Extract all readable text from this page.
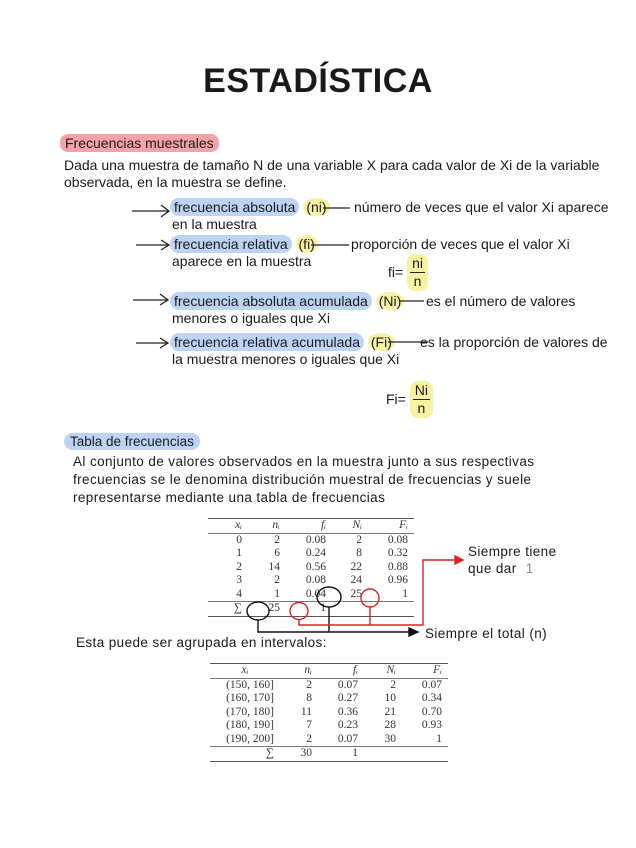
ESTADÍSTICA
Frecuencias muestrales
Dada una muestra de tamaño N de una variable X para cada valor de Xi de la variable
observada, en la muestra se define.
frecuencia absoluta (ni) número de veces que el valor Xi aparece
en la muestra
frecuencia relativa (fi)	proporción de veces que el valor Xi
aparece en la muestra
$fi= \frac{ni}{n}$
frecuencia absoluta acumulada (Ni) es el número de valores
menores o iguales que Xi
frecuencia relativa acumulada (Fi) es la proporción de valores de
la muestra menores o iguales que Xi
$Fi= \frac{Ni}{n}$
Tabla de frecuencias
Al conjunto de valores observados en la muestra junto a sus respectivas
frecuencias se le denomina distribución muestral de frecuencias y suele
representarse mediante una tabla de frecuencias
xᵢ	nᵢ	fᵢ	Nᵢ	Fᵢ
0	2	0.08	2	0.08
1	6	0.24	8	0.32
2	14	0.56	22	0.88
3	2	0.08	24	0.96
4	1	0.04	25	1
∑	25	1		
Siempre tiene
que dar 1
Siempre el total (n)
Esta puede ser agrupada en intervalos:
xᵢ	nᵢ	fᵢ	Nᵢ	Fᵢ
(150, 160]	2	0.07	2	0.07
(160, 170]	8	0.27	10	0.34
(170, 180]	11	0.36	21	0.70
(180, 190]	7	0.23	28	0.93
(190, 200]	2	0.07	30	1
∑	30	1		
